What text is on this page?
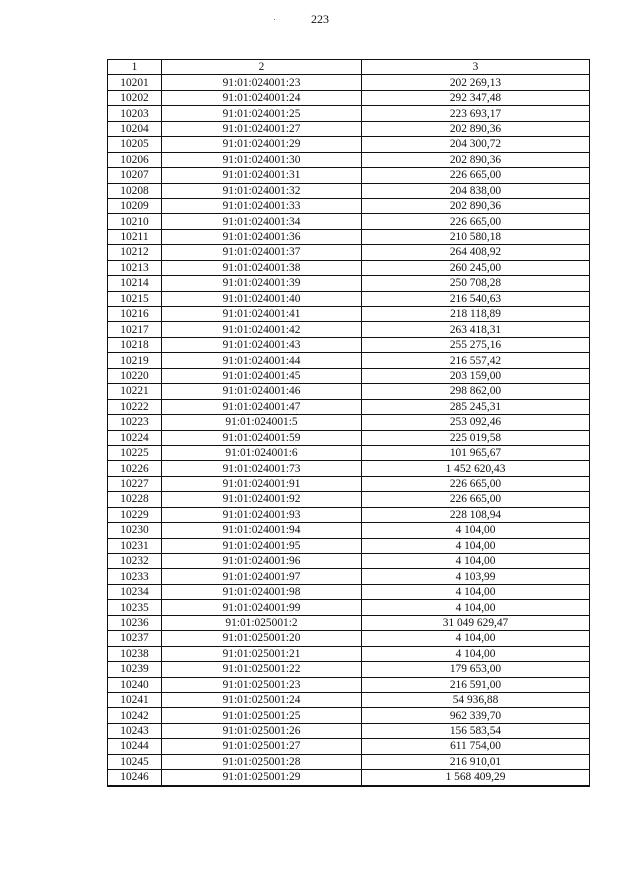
223
1	2	3
10201	91:01:024001:23	202 269,13
10202	91:01:024001:24	292 347,48
10203	91:01:024001:25	223 693,17
10204	91:01:024001:27	202 890,36
10205	91:01:024001:29	204 300,72
10206	91:01:024001:30	202 890,36
10207	91:01:024001:31	226 665,00
10208	91:01:024001:32	204 838,00
10209	91:01:024001:33	202 890,36
10210	91:01:024001:34	226 665,00
10211	91:01:024001:36	210 580,18
10212	91:01:024001:37	264 408,92
10213	91:01:024001:38	260 245,00
10214	91:01:024001:39	250 708,28
10215	91:01:024001:40	216 540,63
10216	91:01:024001:41	218 118,89
10217	91:01:024001:42	263 418,31
10218	91:01:024001:43	255 275,16
10219	91:01:024001:44	216 557,42
10220	91:01:024001:45	203 159,00
10221	91:01:024001:46	298 862,00
10222	91:01:024001:47	285 245,31
10223	91:01:024001:5	253 092,46
10224	91:01:024001:59	225 019,58
10225	91:01:024001:6	101 965,67
10226	91:01:024001:73	1 452 620,43
10227	91:01:024001:91	226 665,00
10228	91:01:024001:92	226 665,00
10229	91:01:024001:93	228 108,94
10230	91:01:024001:94	4 104,00
10231	91:01:024001:95	4 104,00
10232	91:01:024001:96	4 104,00
10233	91:01:024001:97	4 103,99
10234	91:01:024001:98	4 104,00
10235	91:01:024001:99	4 104,00
10236	91:01:025001:2	31 049 629,47
10237	91:01:025001:20	4 104,00
10238	91:01:025001:21	4 104,00
10239	91:01:025001:22	179 653,00
10240	91:01:025001:23	216 591,00
10241	91:01:025001:24	54 936,88
10242	91:01:025001:25	962 339,70
10243	91:01:025001:26	156 583,54
10244	91:01:025001:27	611 754,00
10245	91:01:025001:28	216 910,01
10246	91:01:025001:29	1 568 409,29
